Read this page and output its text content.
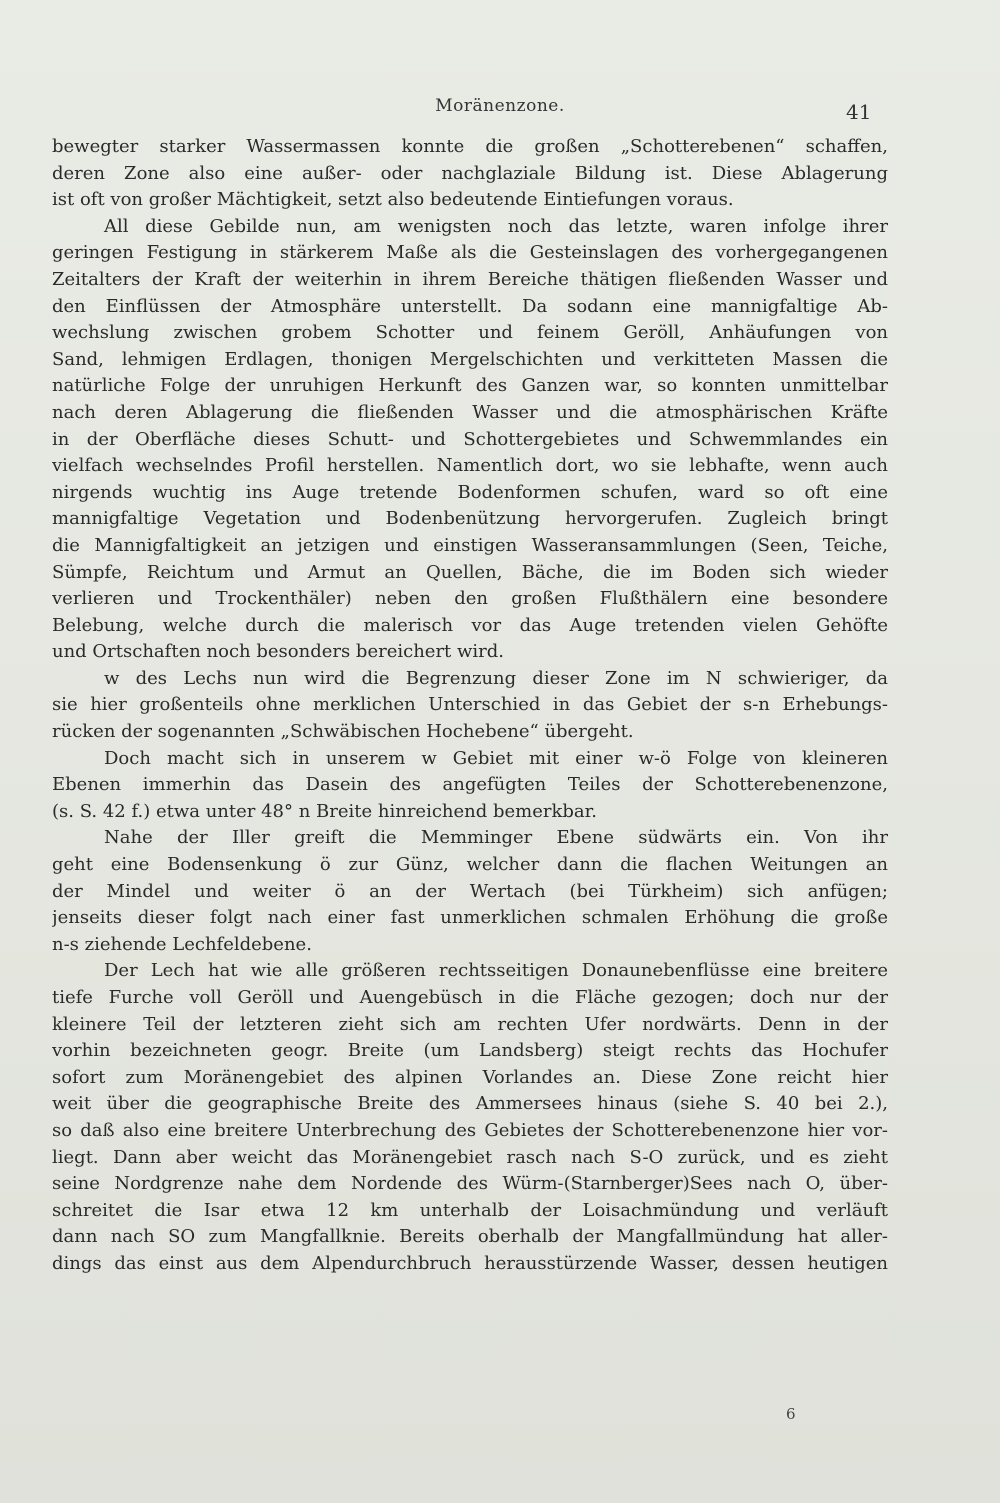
Moränenzone.	41
bewegter starker Wassermassen konnte die großen „Schotterebenen“ schaffen,
deren Zone also eine außer- oder nachglaziale Bildung ist. Diese Ablagerung
ist oft von großer Mächtigkeit, setzt also bedeutende Eintiefungen voraus.
All diese Gebilde nun, am wenigsten noch das letzte, waren infolge ihrer
geringen Festigung in stärkerem Maße als die Gesteinslagen des vorhergegangenen
Zeitalters der Kraft der weiterhin in ihrem Bereiche thätigen fließenden Wasser und
den Einflüssen der Atmosphäre unterstellt. Da sodann eine mannigfaltige Ab-
wechslung zwischen grobem Schotter und feinem Geröll, Anhäufungen von
Sand, lehmigen Erdlagen, thonigen Mergelschichten und verkitteten Massen die
natürliche Folge der unruhigen Herkunft des Ganzen war, so konnten unmittelbar
nach deren Ablagerung die fließenden Wasser und die atmosphärischen Kräfte
in der Oberfläche dieses Schutt- und Schottergebietes und Schwemmlandes ein
vielfach wechselndes Profil herstellen. Namentlich dort, wo sie lebhafte, wenn auch
nirgends wuchtig ins Auge tretende Bodenformen schufen, ward so oft eine
mannigfaltige Vegetation und Bodenbenützung hervorgerufen. Zugleich bringt
die Mannigfaltigkeit an jetzigen und einstigen Wasseransammlungen (Seen, Teiche,
Sümpfe, Reichtum und Armut an Quellen, Bäche, die im Boden sich wieder
verlieren und Trockenthäler) neben den großen Flußthälern eine besondere
Belebung, welche durch die malerisch vor das Auge tretenden vielen Gehöfte
und Ortschaften noch besonders bereichert wird.
w des Lechs nun wird die Begrenzung dieser Zone im N schwieriger, da
sie hier großenteils ohne merklichen Unterschied in das Gebiet der s-n Erhebungs-
rücken der sogenannten „Schwäbischen Hochebene“ übergeht.
Doch macht sich in unserem w Gebiet mit einer w-ö Folge von kleineren
Ebenen immerhin das Dasein des angefügten Teiles der Schotterebenenzone,
(s. S. 42 f.) etwa unter 48° n Breite hinreichend bemerkbar.
Nahe der Iller greift die Memminger Ebene südwärts ein. Von ihr
geht eine Bodensenkung ö zur Günz, welcher dann die flachen Weitungen an
der Mindel und weiter ö an der Wertach (bei Türkheim) sich anfügen;
jenseits dieser folgt nach einer fast unmerklichen schmalen Erhöhung die große
n-s ziehende Lechfeldebene.
Der Lech hat wie alle größeren rechtsseitigen Donaunebenflüsse eine breitere
tiefe Furche voll Geröll und Auengebüsch in die Fläche gezogen; doch nur der
kleinere Teil der letzteren zieht sich am rechten Ufer nordwärts. Denn in der
vorhin bezeichneten geogr. Breite (um Landsberg) steigt rechts das Hochufer
sofort zum Moränengebiet des alpinen Vorlandes an. Diese Zone reicht hier
weit über die geographische Breite des Ammersees hinaus (siehe S. 40 bei 2.),
so daß also eine breitere Unterbrechung des Gebietes der Schotterebenenzone hier vor-
liegt. Dann aber weicht das Moränengebiet rasch nach S-O zurück, und es zieht
seine Nordgrenze nahe dem Nordende des Würm-(Starnberger)Sees nach O, über-
schreitet die Isar etwa 12 km unterhalb der Loisachmündung und verläuft
dann nach SO zum Mangfallknie. Bereits oberhalb der Mangfallmündung hat aller-
dings das einst aus dem Alpendurchbruch herausstürzende Wasser, dessen heutigen
6
